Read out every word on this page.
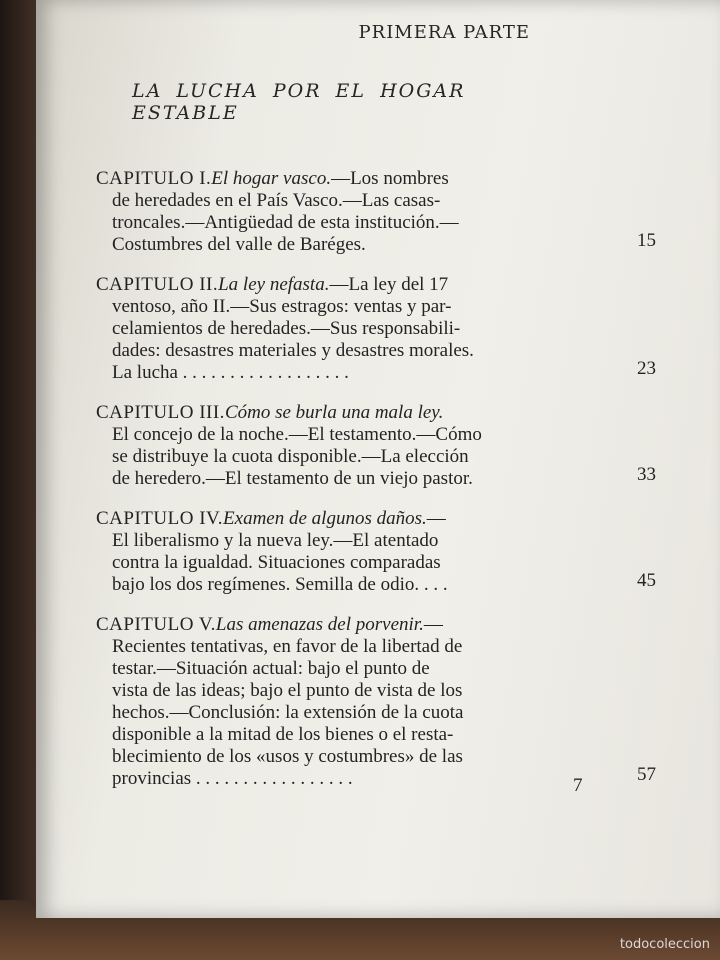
PRIMERA PARTE
LA LUCHA POR EL HOGAR ESTABLE
CAPITULO I.El hogar vasco.—Los nombres
de heredades en el País Vasco.—Las casas-
troncales.—Antigüedad de esta institución.—
Costumbres del valle de Baréges.	15
CAPITULO II.La ley nefasta.—La ley del 17
ventoso, año II.—Sus estragos: ventas y par-
celamientos de heredades.—Sus responsabili-
dades: desastres materiales y desastres morales.
La lucha . . . . . . . . . . . . . . . . . .	23
CAPITULO III.Cómo se burla una mala ley.
El concejo de la noche.—El testamento.—Cómo
se distribuye la cuota disponible.—La elección
de heredero.—El testamento de un viejo pastor.	33
CAPITULO IV.Examen de algunos daños.—
El liberalismo y la nueva ley.—El atentado
contra la igualdad. Situaciones comparadas
bajo los dos regímenes. Semilla de odio. . . .	45
CAPITULO V.Las amenazas del porvenir.—
Recientes tentativas, en favor de la libertad de
testar.—Situación actual: bajo el punto de
vista de las ideas; bajo el punto de vista de los
hechos.—Conclusión: la extensión de la cuota
disponible a la mitad de los bienes o el resta-
blecimiento de los «usos y costumbres» de las
provincias . . . . . . . . . . . . . . . . .	57
7
todocoleccion
